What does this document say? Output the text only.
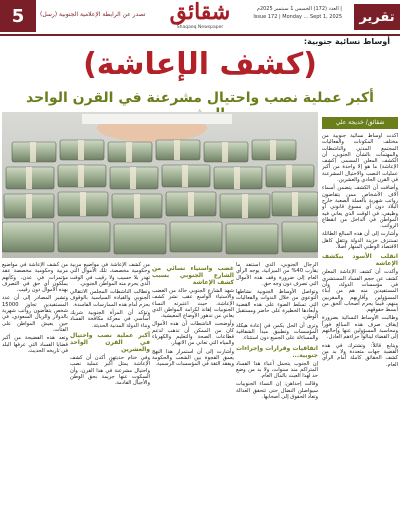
5	تصدر عن الرابطة الإعلامية الجنوبية (رسل)	شقائق
Shaqaeq Newspaper
العدد (172) الخميس 1 سبتمبر 2025م | Issue 172 | Monday ... Sept 1, 2025	تقرير
أوساط نسائية جنوبية:
(كشف الإعاشة)
أكبر عملية نصب واحتيال مشرعنة في القرن الواحد
شقائق/ خديجة علي

أكدت أوساط نسائية جنوبية من مختلف المكونات والفعاليات المجتمع المدني والناشطات والمهتمات بالشأن الجنوبي، أن الكشف المعلن المسمى (كشف الإعاشة) ما هو إلا واحدة من أكبر عمليات النصب والاحتيال المشرعنة في القرن الحادي والعشرين.

وأضافت أن الكشف يتضمن أسماء آلاف الأشخاص ممن يتقاضون رواتب شهرية بالعملة الصعبة خارج البلاد دون أي مسوغ قانوني أو وظيفي، في الوقت الذي يعاني فيه المواطن في الداخل من انقطاع الرواتب.

وأشارت إلى أن هذه المبالغ الطائلة تستنزف خزينة الدولة وتثقل كاهل الاقتصاد الوطني المنهار أصلاً.

انقلب الأسود ببكشف الإعاشة

وأكدت أن كشف الإعاشة المعلن كشف عن حجم الفساد المستشري في مؤسسات الدولة، وأن المستفيدين منه هم من أبناء المسؤولين وأقاربهم والمقربين منهم، فيما يحرم أصحاب الحق من أبسط حقوقهم.

وطالبت الأوساط النسائية بضرورة إيقاف صرف هذه المبالغ فوراً ومحاسبة المسؤولين عنها وإحالتهم إلى القضاء لينالوا جزاءهم العادل.

ويتابع قائلاً: وتشترك في هذه القضية جهات متعددة ولا بد من كشف الحقائق كاملة أمام الرأي العام.

الرجال الجنوبي، الذي استنفد ما يقارب 40% من الميزانية، يوجه الرأي العام إلى ضرورة وقف هذه الأموال التي تصرف دون وجه حق.

وتواصل الأوساط الجنوبية نشاطها التوعوي من خلال الندوات والفعاليات التي تسلط الضوء على هذه القضية وأبعادها الخطيرة على حاضر ومستقبل الوطن.

وترى أن الحل يكمن في إعادة هيكلة المؤسسات وتطبيق مبدأ الشفافية والمساءلة على الجميع دون استثناء.

اتفاقيات وقرارات وإجراءات جنوبية...

إن الجنوب يتحمل أعباء هذا الفساد المتراكم منذ سنوات، ولا بد من وضع حد لهذا العبث بالمال العام.

وقالت إحداهن: إن النساء الجنوبيات سيواصلن النضال حتى تتحقق العدالة وتعاد الحقوق إلى أصحابها.

غضب واستياء نسائي من الشارع الجنوبي بسبب كشف الإعاشة

شهد الشارع الجنوبي حالة من الغضب والاستياء الواسع عقب نشر كشف الإعاشة، حيث اعتبرته النساء الجنوبيات إهانة لكرامة المواطن الذي يعاني من تدهور الأوضاع المعيشية.

وأوضحت الناشطات أن هذه الأموال كان من الممكن أن تذهب لدعم قطاعات الصحة والتعليم والكهرباء والمياه التي تعاني من الانهيار.

وأشارت إلى أن استمرار هذا النهج يعمق الفجوة بين الشعب والحكومة ويفقد الثقة في المؤسسات الرسمية.

من كشف الإعاشة في مواضيع مربية وحكومية مخصصة، تلك الأموال التي تهدر بلا حسيب ولا رقيب في الوقت الذي يحرم منه المواطن الجنوبي.

وتطالب الناشطات المجلس الانتقالي الجنوبي والقيادة السياسية بالوقوف بحزم أمام هذه الممارسات الفاسدة.

وتؤكد أن المرأة الجنوبية شريك أساسي في معركة مكافحة الفساد وبناء الدولة المدنية الحديثة.

أكبر عملية نصب واحتيال في القرن الواحد والعشرين

وفي ختام حديثهن أكدن أن كشف الإعاشة يمثل أكبر عملية نصب واحتيال مشرعنة في هذا القرن، وأن السكوت عنها جريمة بحق الوطن والأجيال القادمة.

من كشف الإعاشة في مواضيع مربية وحكومية مخصصة عقد مؤتمرات في عدن، وكأنهم يملكون أي حق في التصرف بهذه الأموال دون رقيب.

وتشير المصادر إلى أن عدد المستفيدين تجاوز 15000 شخص يتقاضون رواتب شهرية بالدولار والريال السعودي، في حين يعيش المواطن على الفتات.

وتعد هذه الفضيحة من أكبر قضايا الفساد التي عرفها البلد في تاريخه الحديث.
